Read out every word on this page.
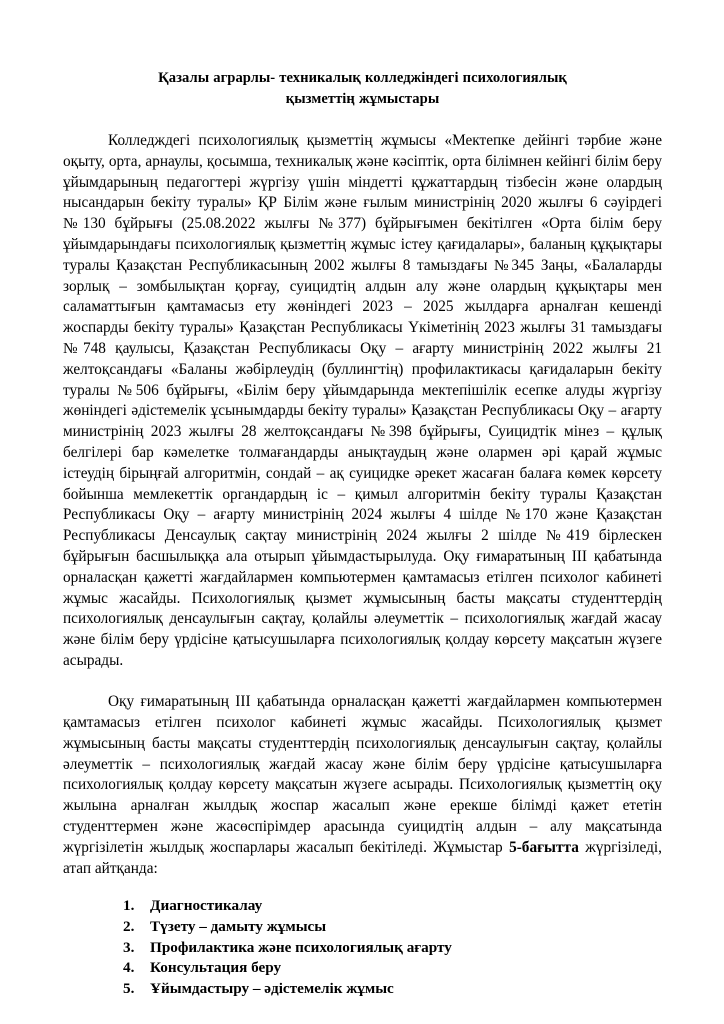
Қазалы аграрлы- техникалық колледжіндегі психологиялық
қызметтің жұмыстары

Колледждегі психологиялық қызметтің жұмысы «Мектепке дейінгі тәрбие және оқыту, орта, арнаулы, қосымша, техникалық және кәсіптік, орта білімнен кейінгі білім беру ұйымдарының педагогтері жүргізу үшін міндетті құжаттардың тізбесін және олардың нысандарын бекіту туралы» ҚР Білім және ғылым министрінің 2020 жылғы 6 сәуірдегі №130 бұйрығы (25.08.2022 жылғы №377) бұйрығымен бекітілген «Орта білім беру ұйымдарындағы психологиялық қызметтің жұмыс істеу қағидалары», баланың құқықтары туралы Қазақстан Республикасының 2002 жылғы 8 тамыздағы №345 Заңы, «Балаларды зорлық – зомбылықтан қорғау, суицидтің алдын алу және олардың құқықтары мен саламаттығын қамтамасыз ету жөніндегі 2023 – 2025 жылдарға арналған кешенді жоспарды бекіту туралы» Қазақстан Республикасы Үкіметінің 2023 жылғы 31 тамыздағы №748 қаулысы, Қазақстан Республикасы Оқу – ағарту министрінің 2022 жылғы 21 желтоқсандағы «Баланы жәбірлеудің (буллингтің) профилактикасы қағидаларын бекіту туралы №506 бұйрығы, «Білім беру ұйымдарында мектепішілік есепке алуды жүргізу жөніндегі әдістемелік ұсынымдарды бекіту туралы» Қазақстан Республикасы Оқу – ағарту министрінің 2023 жылғы 28 желтоқсандағы №398 бұйрығы, Суицидтік мінез – құлық белгілері бар кәмелетке толмағандарды анықтаудың және олармен әрі қарай жұмыс істеудің бірыңғай алгоритмін, сондай – ақ суицидке әрекет жасаған балаға көмек көрсету бойынша мемлекеттік органдардың іс – қимыл алгоритмін бекіту туралы Қазақстан Республикасы Оқу – ағарту министрінің 2024 жылғы 4 шілде №170 және Қазақстан Республикасы Денсаулық сақтау министрінің 2024 жылғы 2 шілде №419 бірлескен бұйрығын басшылыққа ала отырып ұйымдастырылуда. Оқу ғимаратының ІІІ қабатында орналасқан қажетті жағдайлармен компьютермен қамтамасыз етілген психолог кабинеті жұмыс жасайды. Психологиялық қызмет жұмысының басты мақсаты студенттердің психологиялық денсаулығын сақтау, қолайлы әлеуметтік – психологиялық жағдай жасау және білім беру үрдісіне қатысушыларға психологиялық қолдау көрсету мақсатын жүзеге асырады.

Оқу ғимаратының ІІІ қабатында орналасқан қажетті жағдайлармен компьютермен қамтамасыз етілген психолог кабинеті жұмыс жасайды. Психологиялық қызмет жұмысының басты мақсаты студенттердің психологиялық денсаулығын сақтау, қолайлы әлеуметтік – психологиялық жағдай жасау және білім беру үрдісіне қатысушыларға психологиялық қолдау көрсету мақсатын жүзеге асырады. Психологиялық қызметтің оқу жылына арналған жылдық жоспар жасалып және ерекше білімді қажет ететін студенттермен және жасөспірімдер арасында суицидтің алдын – алу мақсатында жүргізілетін жылдық жоспарлары жасалып бекітіледі. Жұмыстар 5-бағытта жүргізіледі, атап айтқанда:

1.	Диагностикалау
2.	Түзету – дамыту жұмысы
3.	Профилактика және психологиялық ағарту
4.	Консультация беру
5.	Ұйымдастыру – әдістемелік жұмыс
